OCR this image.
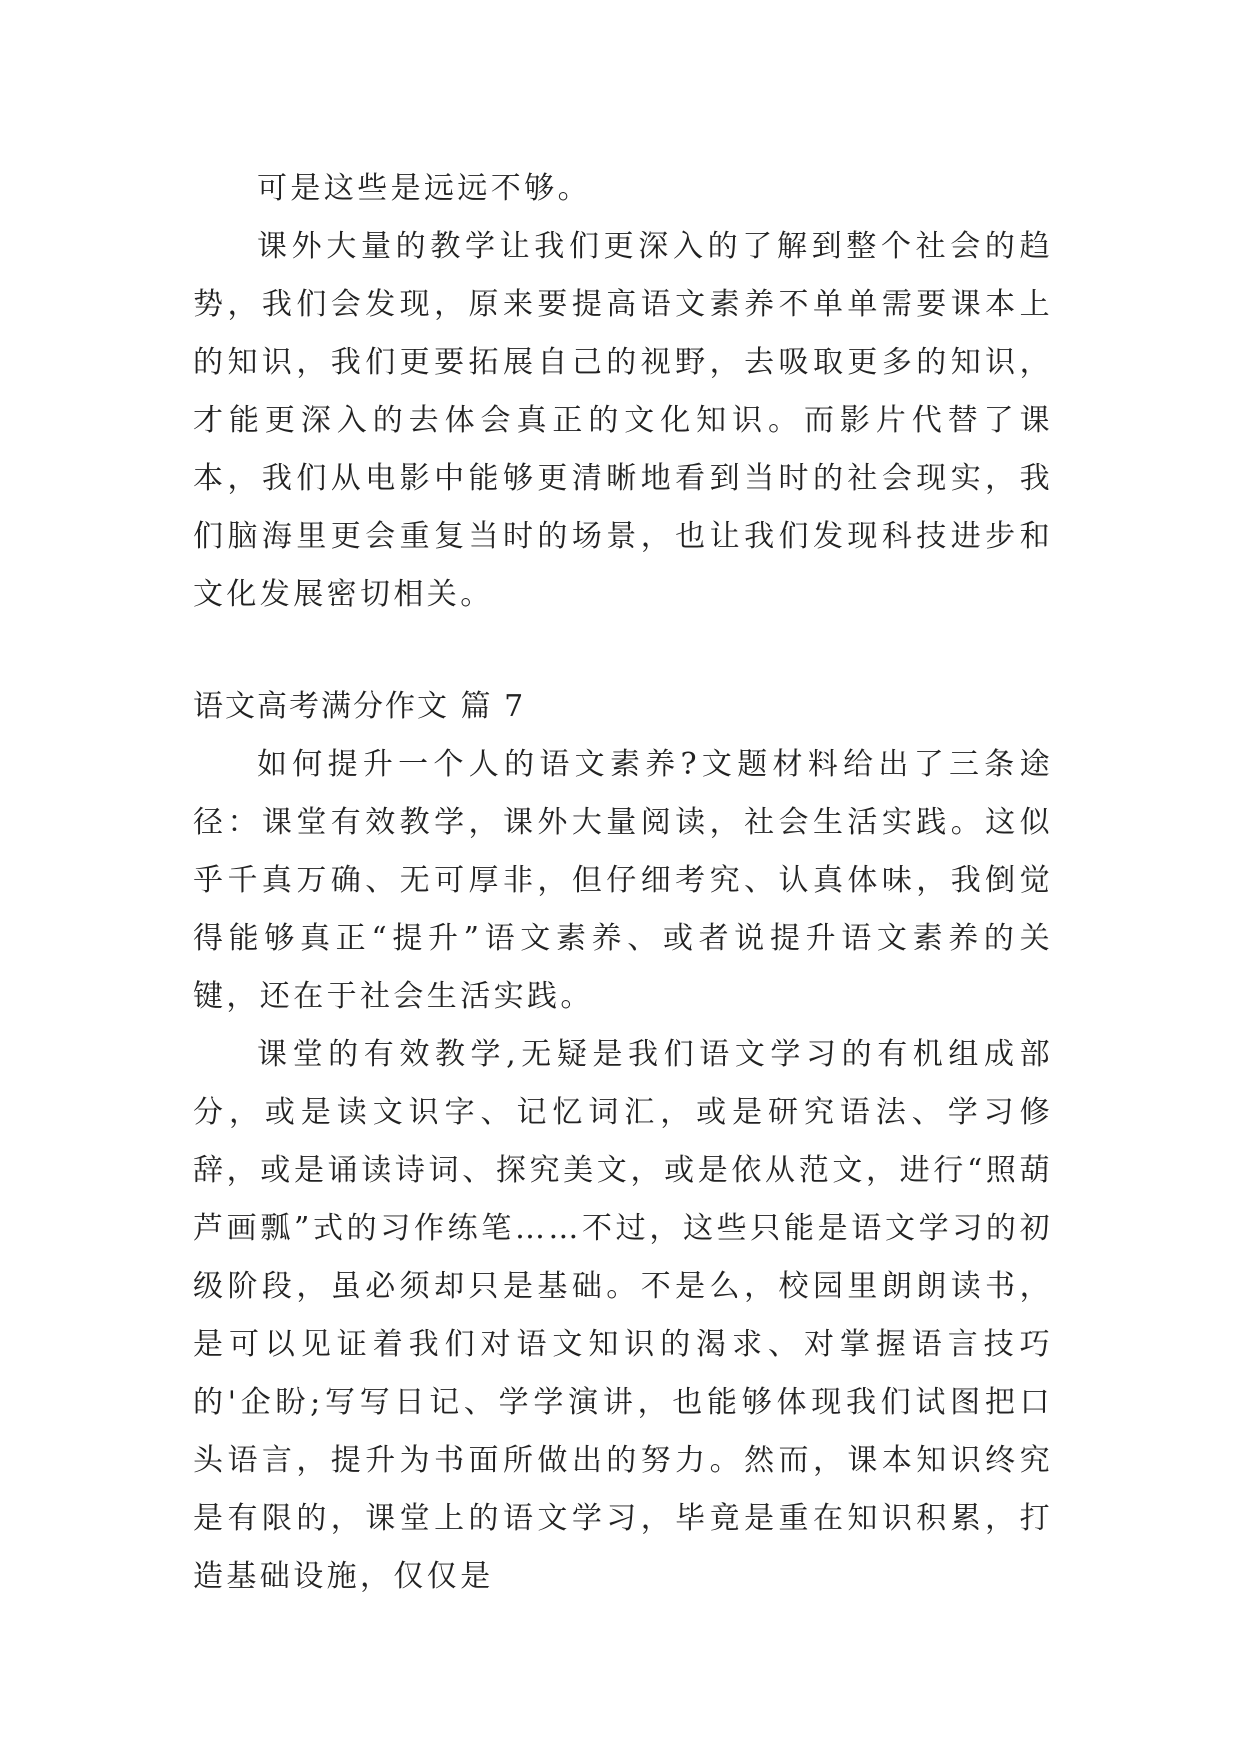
可是这些是远远不够。

课外大量的教学让我们更深入的了解到整个社会的趋势，我们会发现，原来要提高语文素养不单单需要课本上的知识，我们更要拓展自己的视野，去吸取更多的知识，才能更深入的去体会真正的文化知识。而影片代替了课本，我们从电影中能够更清晰地看到当时的社会现实，我们脑海里更会重复当时的场景，也让我们发现科技进步和文化发展密切相关。

语文高考满分作文 篇 7

如何提升一个人的语文素养?文题材料给出了三条途径：课堂有效教学，课外大量阅读，社会生活实践。这似乎千真万确、无可厚非，但仔细考究、认真体味，我倒觉得能够真正“提升”语文素养、或者说提升语文素养的关键，还在于社会生活实践。

课堂的有效教学,无疑是我们语文学习的有机组成部分，或是读文识字、记忆词汇，或是研究语法、学习修辞，或是诵读诗词、探究美文，或是依从范文，进行“照葫芦画瓢”式的习作练笔……不过，这些只能是语文学习的初级阶段，虽必须却只是基础。不是么，校园里朗朗读书，是可以见证着我们对语文知识的渴求、对掌握语言技巧的'企盼;写写日记、学学演讲，也能够体现我们试图把口头语言，提升为书面所做出的努力。然而，课本知识终究是有限的，课堂上的语文学习，毕竟是重在知识积累，打造基础设施，仅仅是
